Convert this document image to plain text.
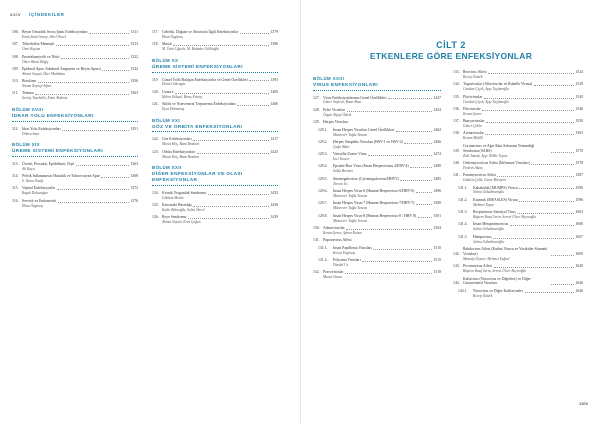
xxiv İÇİNDEKİLER
106. Beyin Omurilik Sıvısı Şantı Enfeksiyonları	1311
Emin Sami Arısoy, Sibel Öncel
107. Tüberküloz Menenjit	1313
Ümit Kaytaz
108. Ensefalomiyelit ve Nörit	1322
Ömer Barut Bilgiç
109. Epidural Apse, Subdural Ampiyem ve Beyin Apsesi	1332
Ahmet Soysal, İlker Mutluhan
110. Botulizm	1356
Nazan Zeynep Alpar
111. Tetanoz	1363
Sevinç Tazebilek, Emin Akdeniz
BÖLÜM XVIII
İDRAR YOLU ENFEKSİYONLARI
112. İdrar Yolu Enfeksiyonları	1351
Dilara Inan
BÖLÜM XIX
ÜREME SİSTEMİ ENFEKSİYONLARI
113. Üretrit, Prostatit, Epididimit, Orşit	1363
Ali Kaya
114. Pelvik İnflamatuvar Hastalık ve Tuboovaryan Apse	1368
S. Sinan Özalp
115. Vajinal Enfeksiyonlar	1372
Başak Dokuzoğuz
116. Servisit ve Endometrit	1376
İlhan Özgüneş
117. Gebelik, Doğum ve Abortusla İlgili Enfeksiyonlar	1379
İlhan Özgüneş
118. Mastit	1386
M. Ümit Uğurlu, M. Bahadır Güllüoğlu
BÖLÜM XX
ÜREME SİSTEMİ ENFEKSİYONLARI
119. Cinsel Yolla Bulaşan Enfeksiyonlar ve Genel Özellikleri	1393
Deniz Gökengin
120. Gonore	1400
İftihar Köksal, Barış Ertunç
121. Sifiliz ve Nonveneral Treponema Enfeksiyonları	1406
İlyas Dokmetaş
BÖLÜM XXI
GÖZ VE ORBİTA ENFEKSİYONLARI
122. Göz Enfeksiyonları	1417
Murat Hoş, Banu Bozkurt
123. Orbita Enfeksiyonları	1425
Murat Hoş, Banu Bozkurt
BÖLÜM XXII
DİĞER ENFEKSİYONLAR VE OLASI ENFEKSİYONLAR
124. Kronik Yorgunluk Sendromu	1433
Gökhan Metan
125. Kawasaki Hastalığı	1436
Kadir Babaoğlu, Selim Öncel
126. Reye Sendromu	1439
Ahmet Soysal, Eren Çağan
CİLT 2
ETKENLERE GÖRE ENFEKSİYONLAR
BÖLÜM XXIII
VİRUS ENFEKSİYONLARI
127. Virus Enfeksiyonlarının Genel Özellikleri	1447
Güner Söyletir, Banu Aksu
128. Polio Virusları	1454
Özgen Alpay Özbek
129. Herpes Virusları
129.1.	İnsan Herpes Virusları Genel Özellikleri	1462
Münevver Tuğlu Tezcan
129.2.	Herpes Simpleks Virusları (HSV-1 ve HSV-2)	1466
Çağrı Büke
129.3.	Varisella-Zoster Virus	1474
İnci Tuncer
129.4.	Epstein-Barr Virus (İnsan Herpesvirusu 4/EBV-4)	1480
Selda Bremen
129.5.	Sitomegalovirus (Cytomegalovirus/HHV5)	1485
Tercan Us
129.6.	İnsan Herpes Virus-6 (Human Herpesvirus-6/HHV-6)	1496
Münevver Tuğlu Tezcan
129.7.	İnsan Herpes Virus-7 (Human Herpesvirus-7/HHV-7)	1500
Münevver Tuğlu Tezcan
129.8.	İnsan Herpes Virus-8 (Human Herpesvirus-8 / HHV 8)	1501
Münevver Tuğlu Tezcan
130. Adenoviruslar	1504
Kenan Şener, Ayhan Kubar
131. Papovavirus Ailesi
131.1.	İnsan Papilloma Virusları	1510
Koray Ergünay
131.2.	Polyoma Virusları	1515
Dürdal Us
132. Parvoviruslar	1518
Murat Ozcan
133. Reovirus Ailesi	1524
Recep Öztürk
134. Togaviruslar (Alfaviruslar ve Rubella Virusu)	1529
Candan Çiçek, Ayşe Tayfunoğlu
135. Flaviviruslar	1540
Candan Çiçek, Ayşe Tayfunoğlu
136. Filoviruslar	1546
Kenan Şener
137. Bunyaviruslar	1550
Güner Çoklu
138. Arenaviruslar	1563
Kenan Midilli
139.
Coronavirus ve Ağır Akut Solunum Yetmezliği Sendromu (SARS)	1570
Zeki Yumuk, Ayşe Willke Topcu
140. Orthomyxovirus Ailesi (İnfluenza Virusları)	1578
Firdevs Aktaş
141. Paramyxovirus Ailesi	1587
Gülden Çelik, Caner Birsiyon
141.1.	Kabakulak (MUMPS) Virusu	1596
Selma Gökahmetoğlu
141.2.	Kızamık (MEASLES) Virusu	1596
Mehmet Tapar
141.3.	Respiratuvar Sinsityal Virus	1603
Rüştem Yusuf Serin, Servet Ülcer Beyreoğlu
141.4.	İnsan Metapnömovirus	1606
Selma Gökahmetoğlu
141.5.	Henipavirus	1607
Selma Gökahmetoğlu
142.
Rabdovirus Ailesi (Kuduz Virusu ve Veziküler Stomatit Virusları)	1609
Mustafa Özyurt, Mehmet Tuğrul
143. Picornavirus Ailesi	1620
Rüştem Yusuf Serin, Servet Ülcer Beyreoğlu
144.
Kalsivirus (Norovirus ve Diğerleri) ve Diğer Gastroenterit Virusları	1626
144.1.	Norovirus ve Diğer Kalsivirusler	1626
Recep Öztürk
xxiv
